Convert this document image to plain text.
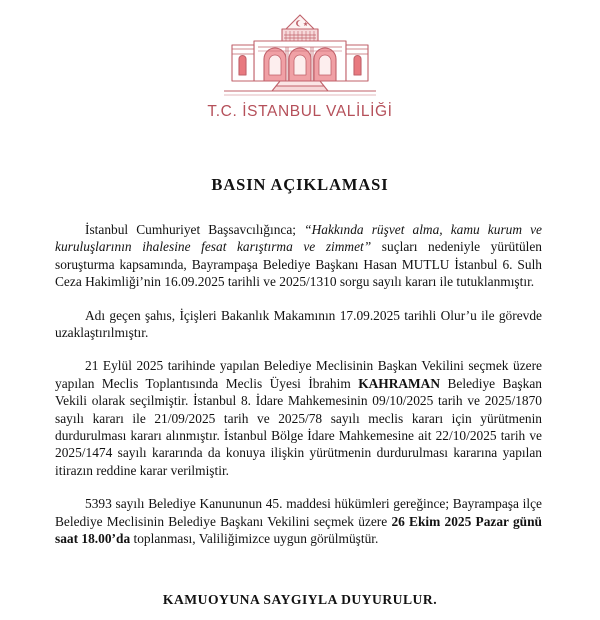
T.C. İSTANBUL VALİLİĞİ
BASIN AÇIKLAMASI

İstanbul Cumhuriyet Başsavcılığınca; “Hakkında rüşvet alma, kamu kurum ve kuruluşlarının ihalesine fesat karıştırma ve zimmet” suçları nedeniyle yürütülen soruşturma kapsamında, Bayrampaşa Belediye Başkanı Hasan MUTLU İstanbul 6. Sulh Ceza Hakimliği’nin 16.09.2025 tarihli ve 2025/1310 sorgu sayılı kararı ile tutuklanmıştır.

Adı geçen şahıs, İçişleri Bakanlık Makamının 17.09.2025 tarihli Olur’u ile görevde uzaklaştırılmıştır.

21 Eylül 2025 tarihinde yapılan Belediye Meclisinin Başkan Vekilini seçmek üzere yapılan Meclis Toplantısında Meclis Üyesi İbrahim KAHRAMAN Belediye Başkan Vekili olarak seçilmiştir. İstanbul 8. İdare Mahkemesinin 09/10/2025 tarih ve 2025/1870 sayılı kararı ile 21/09/2025 tarih ve 2025/78 sayılı meclis kararı için yürütmenin durdurulması kararı alınmıştır. İstanbul Bölge İdare Mahkemesine ait 22/10/2025 tarih ve 2025/1474 sayılı kararında da konuya ilişkin yürütmenin durdurulması kararına yapılan itirazın reddine karar verilmiştir.

5393 sayılı Belediye Kanununun 45. maddesi hükümleri gereğince; Bayrampaşa ilçe Belediye Meclisinin Belediye Başkanı Vekilini seçmek üzere 26 Ekim 2025 Pazar günü saat 18.00’da toplanması, Valiliğimizce uygun görülmüştür.

KAMUOYUNA SAYGIYLA DUYURULUR.
